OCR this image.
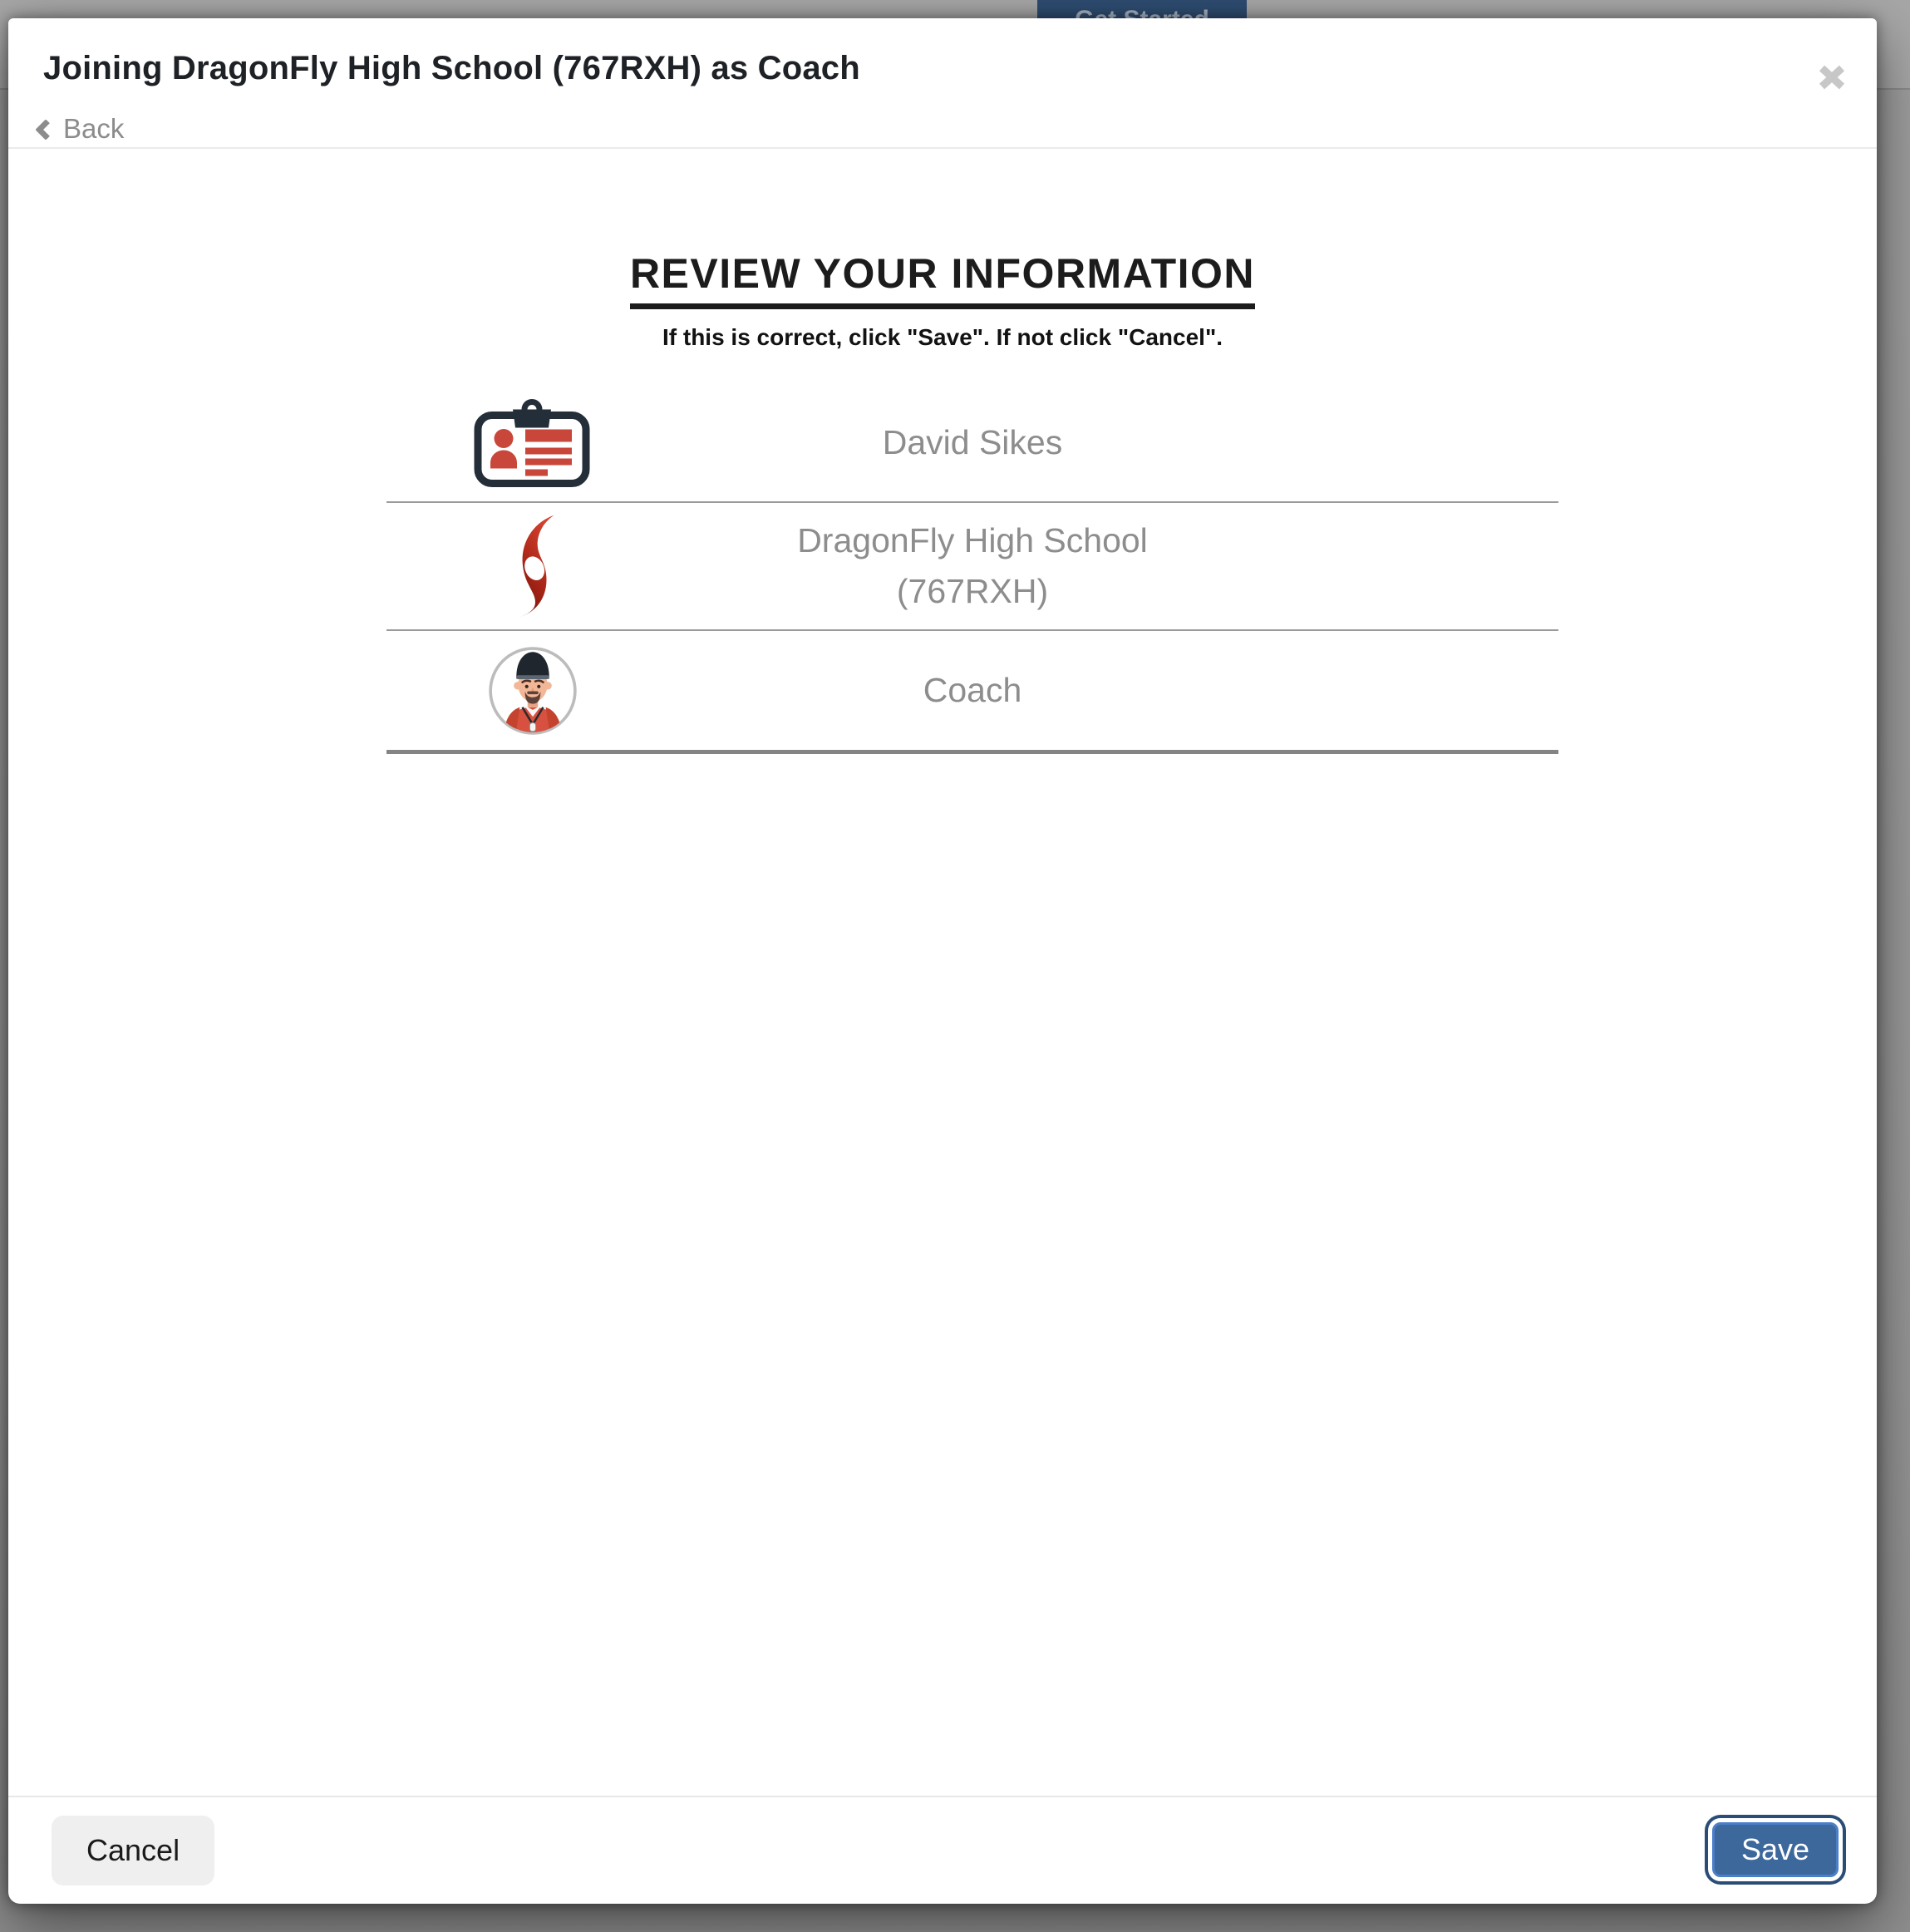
Joining DragonFly High School (767RXH) as Coach
Back
REVIEW YOUR INFORMATION
If this is correct, click "Save". If not click "Cancel".
David Sikes
DragonFly High School
(767RXH)
Coach
Cancel	Save
